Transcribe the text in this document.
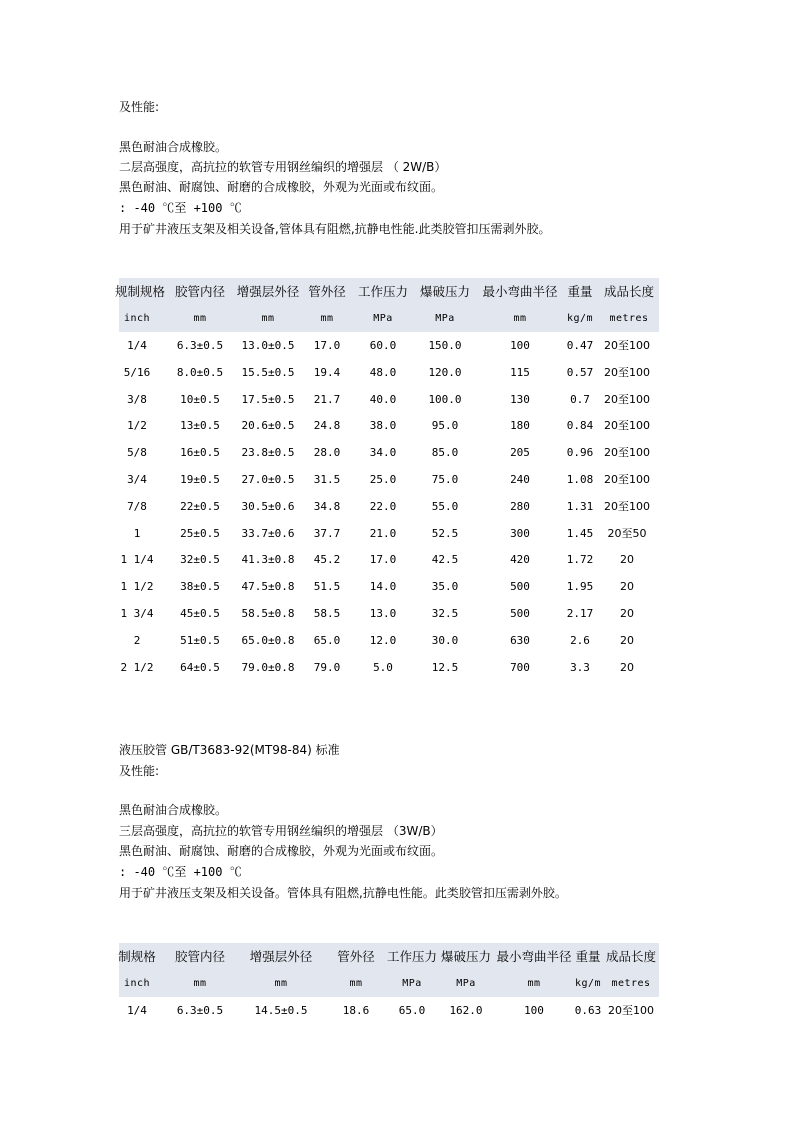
及性能:
黑色耐油合成橡胶。
二层高强度，高抗拉的软管专用钢丝编织的增强层 （ 2W/B）
黑色耐油、耐腐蚀、耐磨的合成橡胶，外观为光面或布纹面。
: -40 ℃至 +100 ℃
用于矿井液压支架及相关设备,管体具有阻燃,抗静电性能.此类胶管扣压需剥外胶。
规制规格 胶管内径 增强层外径 管外径 工作压力 爆破压力 最小弯曲半径 重量 成品长度
inch	mm	mm	mm	MPa	MPa	mm	kg/m	metres
1/4	6.3±0.5	13.0±0.5	17.0	60.0	150.0	100	0.47 20至100
5/16	8.0±0.5	15.5±0.5	19.4	48.0	120.0	115	0.57 20至100
3/8	10±0.5	17.5±0.5	21.7	40.0	100.0	130	0.7	20至100
1/2	13±0.5	20.6±0.5	24.8	38.0	95.0	180	0.84 20至100
5/8	16±0.5	23.8±0.5	28.0	34.0	85.0	205	0.96 20至100
3/4	19±0.5	27.0±0.5	31.5	25.0	75.0	240	1.08 20至100
7/8	22±0.5	30.5±0.6	34.8	22.0	55.0	280	1.31 20至100
1	25±0.5	33.7±0.6	37.7	21.0	52.5	300	1.45	20至50
1 1/4	32±0.5	41.3±0.8	45.2	17.0	42.5	420	1.72	20
1 1/2	38±0.5	47.5±0.8	51.5	14.0	35.0	500	1.95	20
1 3/4	45±0.5	58.5±0.8	58.5	13.0	32.5	500	2.17	20
2	51±0.5	65.0±0.8	65.0	12.0	30.0	630	2.6	20
2 1/2	64±0.5	79.0±0.8	79.0	5.0	12.5	700	3.3	20
液压胶管 GB/T3683-92(MT98-84) 标准
及性能:
黑色耐油合成橡胶。
三层高强度，高抗拉的软管专用钢丝编织的增强层 （3W/B）
黑色耐油、耐腐蚀、耐磨的合成橡胶，外观为光面或布纹面。
: -40 ℃至 +100 ℃
用于矿井液压支架及相关设备。管体具有阻燃,抗静电性能。此类胶管扣压需剥外胶。
制规格	胶管内径	增强层外径	管外径 工作压力 爆破压力 最小弯曲半径 重量 成品长度
inch	mm	mm	mm	MPa	MPa	mm	kg/m	metres
1/4	6.3±0.5	14.5±0.5	18.6	65.0	162.0	100	0.63 20至100
